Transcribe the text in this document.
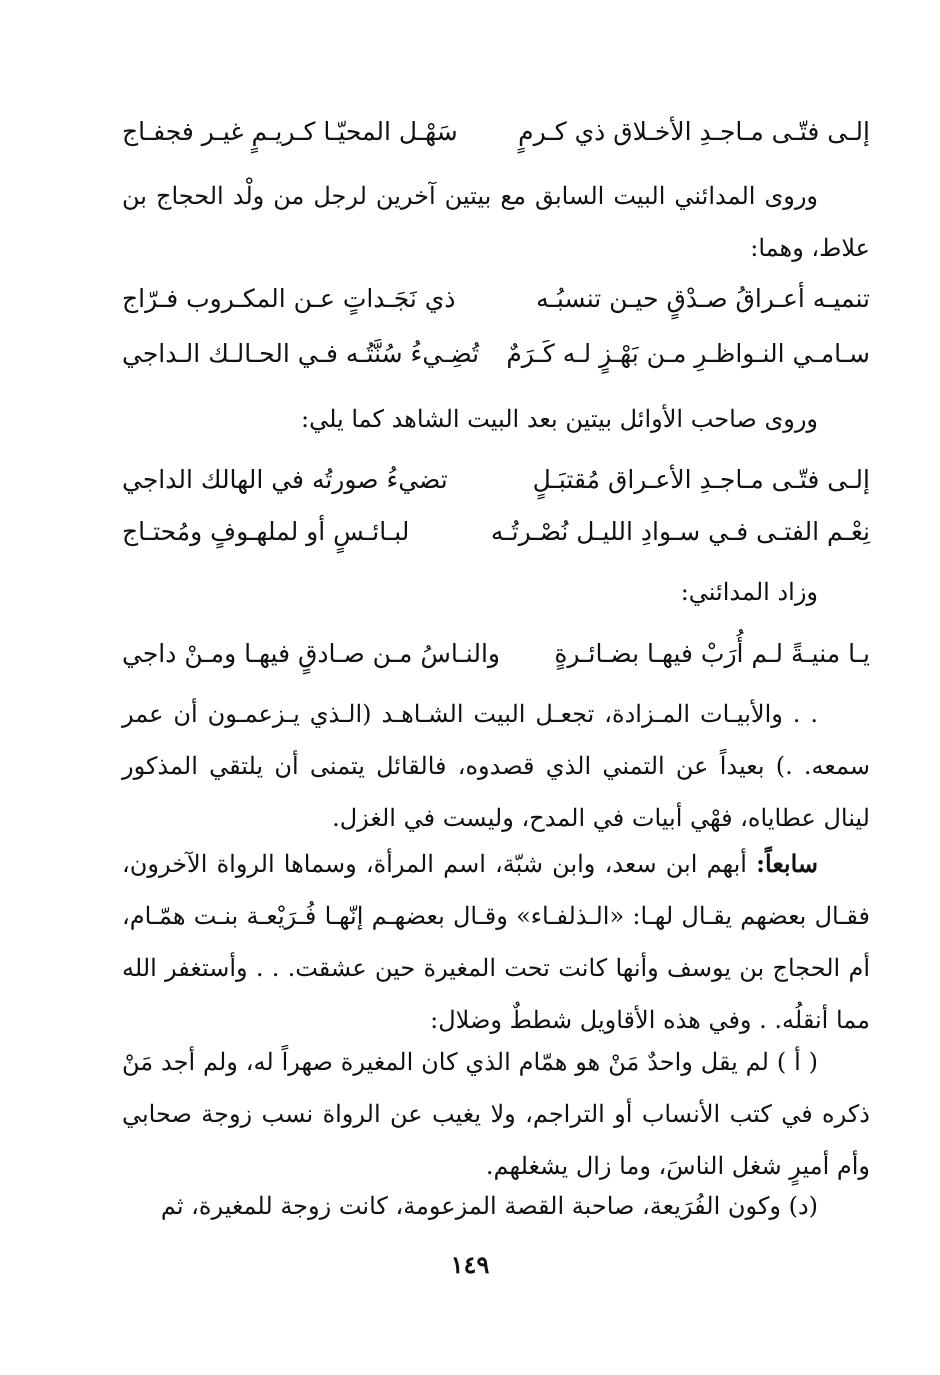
إلـى فتّـى مـاجـدِ الأخـلاق ذي كـرمٍ
سَهْـل المحيّـا كـريـمٍ غيـر فجفـاج

وروى المدائني البيت السابق مع بيتين آخرين لرجل من ولْد الحجاج بن علاط، وهما:

تنميـه أعـراقُ صـدْقٍ حيـن تنسبُـه
ذي نَجَـداتٍ عـن المكـروب فـرّاج
سـامـي النـواظـرِ مـن بَهْـزٍ لـه كَـرَمٌ
تُضِـيءُ سُنَّتُـه فـي الحـالـك الـداجي

وروى صاحب الأوائل بيتين بعد البيت الشاهد كما يلي:

إلـى فتّـى مـاجـدِ الأعـراق مُقتبَـلٍ
تضيءُ صورتُه في الهالك الداجي
نِعْـم الفتـى فـي سـوادِ الليـل نُصْـرتُـه
لبـائـسٍ أو لملهـوفٍ ومُحتـاج

وزاد المدائني:

يـا منيـةً لـم أُرَبْ فيهـا بضـائـرةٍ
والنـاسُ مـن صـادقٍ فيهـا ومـنْ داجي

. . والأبيـات المـزادة، تجعـل البيت الشـاهـد (الـذي يـزعمـون أن عمر سمعه. .) بعيداً عن التمني الذي قصدوه، فالقائل يتمنى أن يلتقي المذكور لينال عطاياه، فهْي أبيات في المدح، وليست في الغزل.

سابعاً: أبهم ابن سعد، وابن شبّة، اسم المرأة، وسماها الرواة الآخرون، فقـال بعضهم يقـال لهـا: «الـذلفـاء» وقـال بعضهـم إنّهـا فُـرَيْعـة بنـت همّـام، أم الحجاج بن يوسف وأنها كانت تحت المغيرة حين عشقت. . . وأستغفر الله مما أنقلُه. . وفي هذه الأقاويل شططٌ وضلال:

( أ ) لم يقل واحدٌ مَنْ هو همّام الذي كان المغيرة صهراً له، ولم أجد مَنْ ذكره في كتب الأنساب أو التراجم، ولا يغيب عن الرواة نسب زوجة صحابي وأم أميرٍ شغل الناسَ، وما زال يشغلهم.

(د) وكون الفُرَيعة، صاحبة القصة المزعومة، كانت زوجة للمغيرة، ثم

١٤٩
